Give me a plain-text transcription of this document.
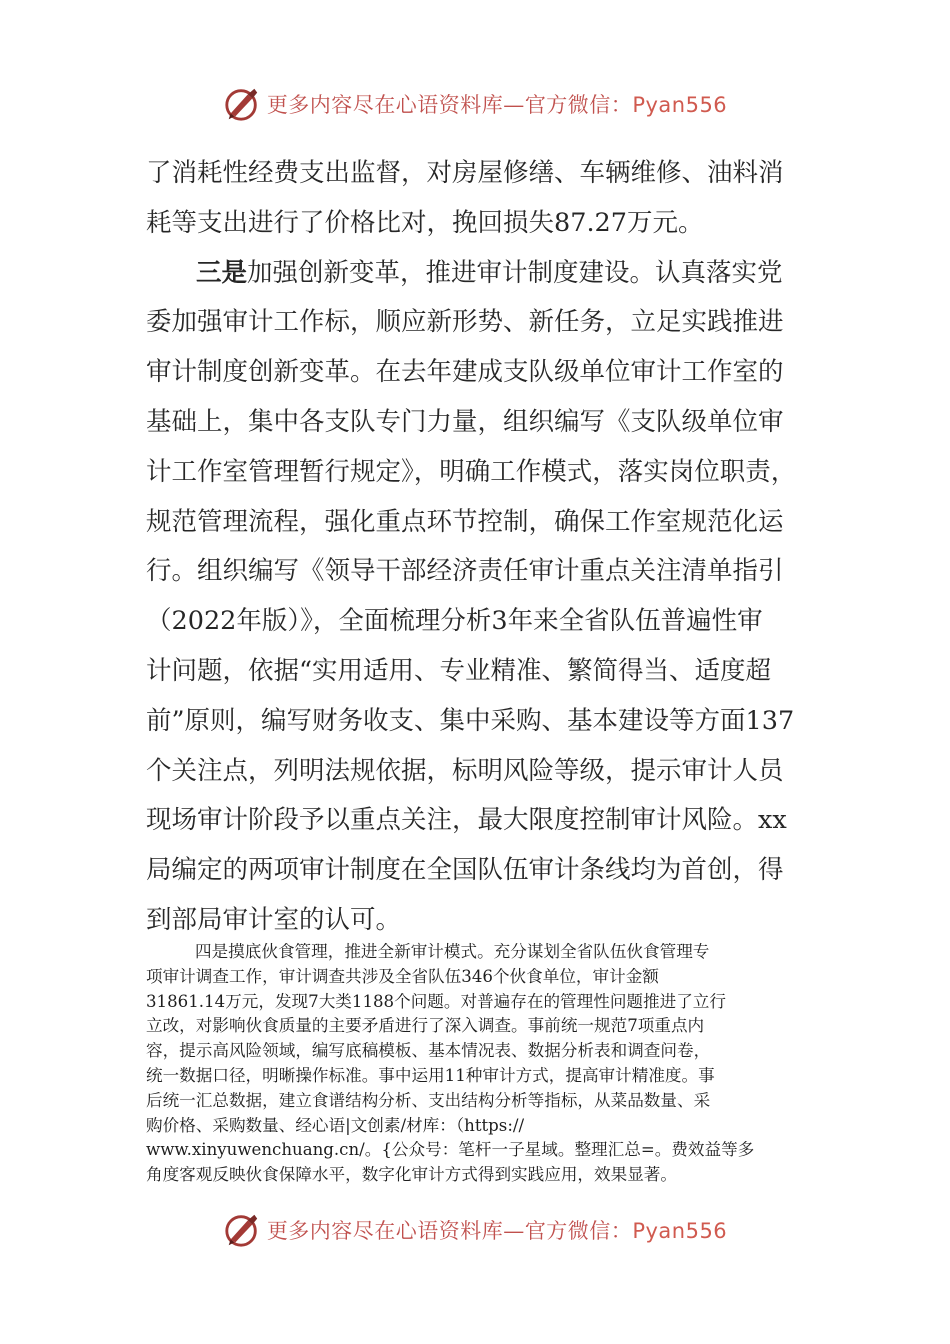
更多内容尽在心语资料库—官方微信：Pyan556
了消耗性经费支出监督，对房屋修缮、车辆维修、油料消
耗等支出进行了价格比对，挽回损失87.27万元。
三是加强创新变革，推进审计制度建设。认真落实党
委加强审计工作标，顺应新形势、新任务，立足实践推进
审计制度创新变革。在去年建成支队级单位审计工作室的
基础上，集中各支队专门力量，组织编写《支队级单位审
计工作室管理暂行规定》，明确工作模式，落实岗位职责，
规范管理流程，强化重点环节控制，确保工作室规范化运
行。组织编写《领导干部经济责任审计重点关注清单指引
（2022年版）》，全面梳理分析3年来全省队伍普遍性审
计问题，依据“实用适用、专业精准、繁简得当、适度超
前”原则，编写财务收支、集中采购、基本建设等方面137
个关注点，列明法规依据，标明风险等级，提示审计人员
现场审计阶段予以重点关注，最大限度控制审计风险。xx
局编定的两项审计制度在全国队伍审计条线均为首创，得
到部局审计室的认可。
四是摸底伙食管理，推进全新审计模式。充分谋划全省队伍伙食管理专
项审计调查工作，审计调查共涉及全省队伍346个伙食单位，审计金额
31861.14万元，发现7大类1188个问题。对普遍存在的管理性问题推进了立行
立改，对影响伙食质量的主要矛盾进行了深入调查。事前统一规范7项重点内
容，提示高风险领域，编写底稿模板、基本情况表、数据分析表和调查问卷，
统一数据口径，明晰操作标准。事中运用11种审计方式，提高审计精准度。事
后统一汇总数据，建立食谱结构分析、支出结构分析等指标，从菜品数量、采
购价格、采购数量、经心语|文创素/材库：（https://
www.xinyuwenchuang.cn/。{公众号：笔杆一子星域。整理汇总=。费效益等多
角度客观反映伙食保障水平，数字化审计方式得到实践应用，效果显著。
更多内容尽在心语资料库—官方微信：Pyan556
